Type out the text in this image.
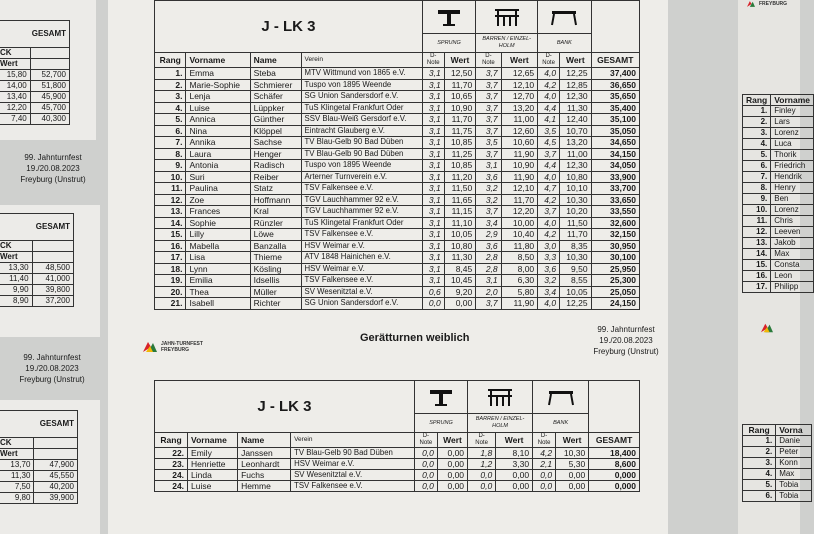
GESAMT	
CK	
Wert	
15,80	52,700
14,00	51,800
13,40	45,900
12,20	45,700
7,40	40,300
99. Jahnturnfest
19./20.08.2023
Freyburg (Unstrut)
GESAMT	
CK	
Wert	
13,30	48,500
11,40	41,000
9,90	39,800
8,90	37,200
99. Jahnturnfest
19./20.08.2023
Freyburg (Unstrut)
GESAMT	
CK	
Wert	
13,70	47,900
11,30	45,550
7,50	40,200
9,80	39,900
J - LK 3	

				SPRUNG		BARREN / EINZEL-
HOLM		BANK		
Rang	Vorname	Name	Verein	D-
Note	Wert	D-
Note	Wert	D-
Note	Wert	GESAMT
1.	Emma	Steba	MTV Wittmund von 1865 e.V.	3,1	12,50	3,7	12,65	4,0	12,25	37,400
2.	Marie-Sophie	Schmierer	Tuspo von 1895 Weende	3,1	11,70	3,7	12,10	4,2	12,85	36,650
3.	Lenja	Schäfer	SG Union Sandersdorf e.V.	3,1	10,65	3,7	12,70	4,0	12,30	35,650
4.	Luise	Lüppker	TuS Klingetal Frankfurt Oder	3,1	10,90	3,7	13,20	4,4	11,30	35,400
5.	Annica	Günther	SSV Blau-Weiß Gersdorf e.V.	3,1	11,70	3,7	11,00	4,1	12,40	35,100
6.	Nina	Klöppel	Eintracht Glauberg e.V.	3,1	11,75	3,7	12,60	3,5	10,70	35,050
7.	Annika	Sachse	TV Blau-Gelb 90 Bad Düben	3,1	10,85	3,5	10,60	4,5	13,20	34,650
8.	Laura	Henger	TV Blau-Gelb 90 Bad Düben	3,1	11,25	3,7	11,90	3,7	11,00	34,150
9.	Antonia	Radisch	Tuspo von 1895 Weende	3,1	10,85	3,1	10,90	4,4	12,30	34,050
10.	Suri	Reiber	Arterner Turnverein e.V.	3,1	11,20	3,6	11,90	4,0	10,80	33,900
11.	Paulina	Statz	TSV Falkensee e.V.	3,1	11,50	3,2	12,10	4,7	10,10	33,700
12.	Zoe	Hoffmann	TGV Lauchhammer 92 e.V.	3,1	11,65	3,2	11,70	4,2	10,30	33,650
13.	Frances	Kral	TGV Lauchhammer 92 e.V.	3,1	11,15	3,7	12,20	3,7	10,20	33,550
14.	Sophie	Rünzler	TuS Klingetal Frankfurt Oder	3,1	11,10	3,4	10,00	4,0	11,50	32,600
15.	Lilly	Löwe	TSV Falkensee e.V.	3,1	10,05	2,9	10,40	4,2	11,70	32,150
16.	Mabella	Banzalla	HSV Weimar e.V.	3,1	10,80	3,6	11,80	3,0	8,35	30,950
17.	Lisa	Thieme	ATV 1848 Hainichen e.V.	3,1	11,30	2,8	8,50	3,3	10,30	30,100
18.	Lynn	Kösling	HSV Weimar e.V.	3,1	8,45	2,8	8,00	3,6	9,50	25,950
19.	Emilia	Idsellis	TSV Falkensee e.V.	3,1	10,45	3,1	6,30	3,2	8,55	25,300
20.	Thea	Müller	SV Wesenitztal e.V.	0,6	9,20	2,0	5,80	3,4	10,05	25,050
21.	Isabell	Richter	SG Union Sandersdorf e.V.	0,0	0,00	3,7	11,90	4,0	12,25	24,150
Gerätturnen weiblich
JAHN-TURNFEST
FREYBURG
99. Jahnturnfest
19./20.08.2023
Freyburg (Unstrut)
J - LK 3	

				SPRUNG		BARREN / EINZEL-
HOLM		BANK		
Rang	Vorname	Name	Verein	D-
Note	Wert	D-
Note	Wert	D-
Note	Wert	GESAMT
22.	Emily	Janssen	TV Blau-Gelb 90 Bad Düben	0,0	0,00	1,8	8,10	4,2	10,30	18,400
23.	Henriette	Leonhardt	HSV Weimar e.V.	0,0	0,00	1,2	3,30	2,1	5,30	8,600
24.	Linda	Fuchs	SV Wesenitztal e.V.	0,0	0,00	0,0	0,00	0,0	0,00	0,000
24.	Luise	Hemme	TSV Falkensee e.V.	0,0	0,00	0,0	0,00	0,0	0,00	0,000
FREYBURG
Rang	Vorname
1.	Finley
2.	Lars
3.	Lorenz
4.	Luca
5.	Thorik
6.	Friedrich
7.	Hendrik
8.	Henry
9.	Ben
10.	Lorenz
11.	Chris
12.	Leeven
13.	Jakob
14.	Max
15.	Consta
16.	Leon
17.	Philipp
Rang	Vorna
1.	Danie
2.	Peter
3.	Konn
4.	Max
5.	Tobia
6.	Tobia
